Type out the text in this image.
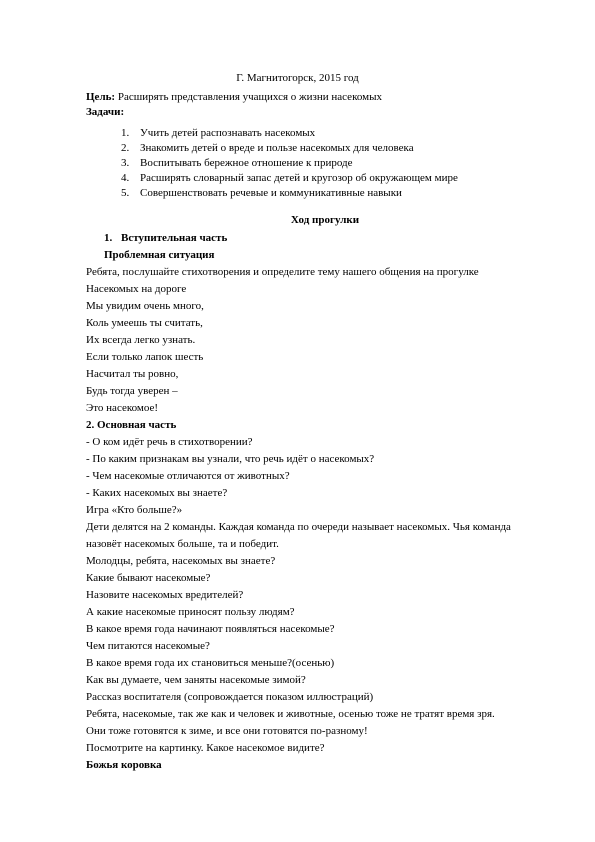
Г. Магнитогорск, 2015 год
Цель: Расширять представления учащихся о жизни насекомых
Задачи:
1. Учить детей распознавать насекомых
2. Знакомить детей о вреде и пользе насекомых для человека
3. Воспитывать бережное отношение к природе
4. Расширять словарный запас детей и кругозор об окружающем мире
5. Совершенствовать речевые и коммуникативные навыки
Ход прогулки
1. Вступительная часть
Проблемная ситуация
Ребята, послушайте стихотворения и определите тему нашего общения на прогулке
Насекомых на дороге
Мы увидим очень много,
Коль умеешь ты считать,
Их всегда легко узнать.
Если только лапок шесть
Насчитал ты ровно,
Будь тогда уверен –
Это насекомое!
2. Основная часть
- О ком идёт речь в стихотворении?
- По каким признакам вы узнали, что речь идёт о насекомых?
- Чем насекомые отличаются от животных?
- Каких насекомых вы знаете?
Игра «Кто больше?»
Дети делятся на 2 команды. Каждая команда по очереди называет насекомых. Чья команда
назовёт насекомых больше, та и победит.
Молодцы, ребята, насекомых вы знаете?
Какие бывают насекомые?
Назовите насекомых вредителей?
А какие насекомые приносят пользу людям?
В какое время года начинают появляться насекомые?
Чем питаются насекомые?
В какое время года их становиться меньше?(осенью)
Как вы думаете, чем заняты насекомые зимой?
Рассказ воспитателя (сопровождается показом иллюстраций)
Ребята, насекомые, так же как и человек и животные, осенью тоже не тратят время зря.
Они тоже готовятся к зиме, и все они готовятся по-разному!
Посмотрите на картинку. Какое насекомое видите?
Божья коровка
